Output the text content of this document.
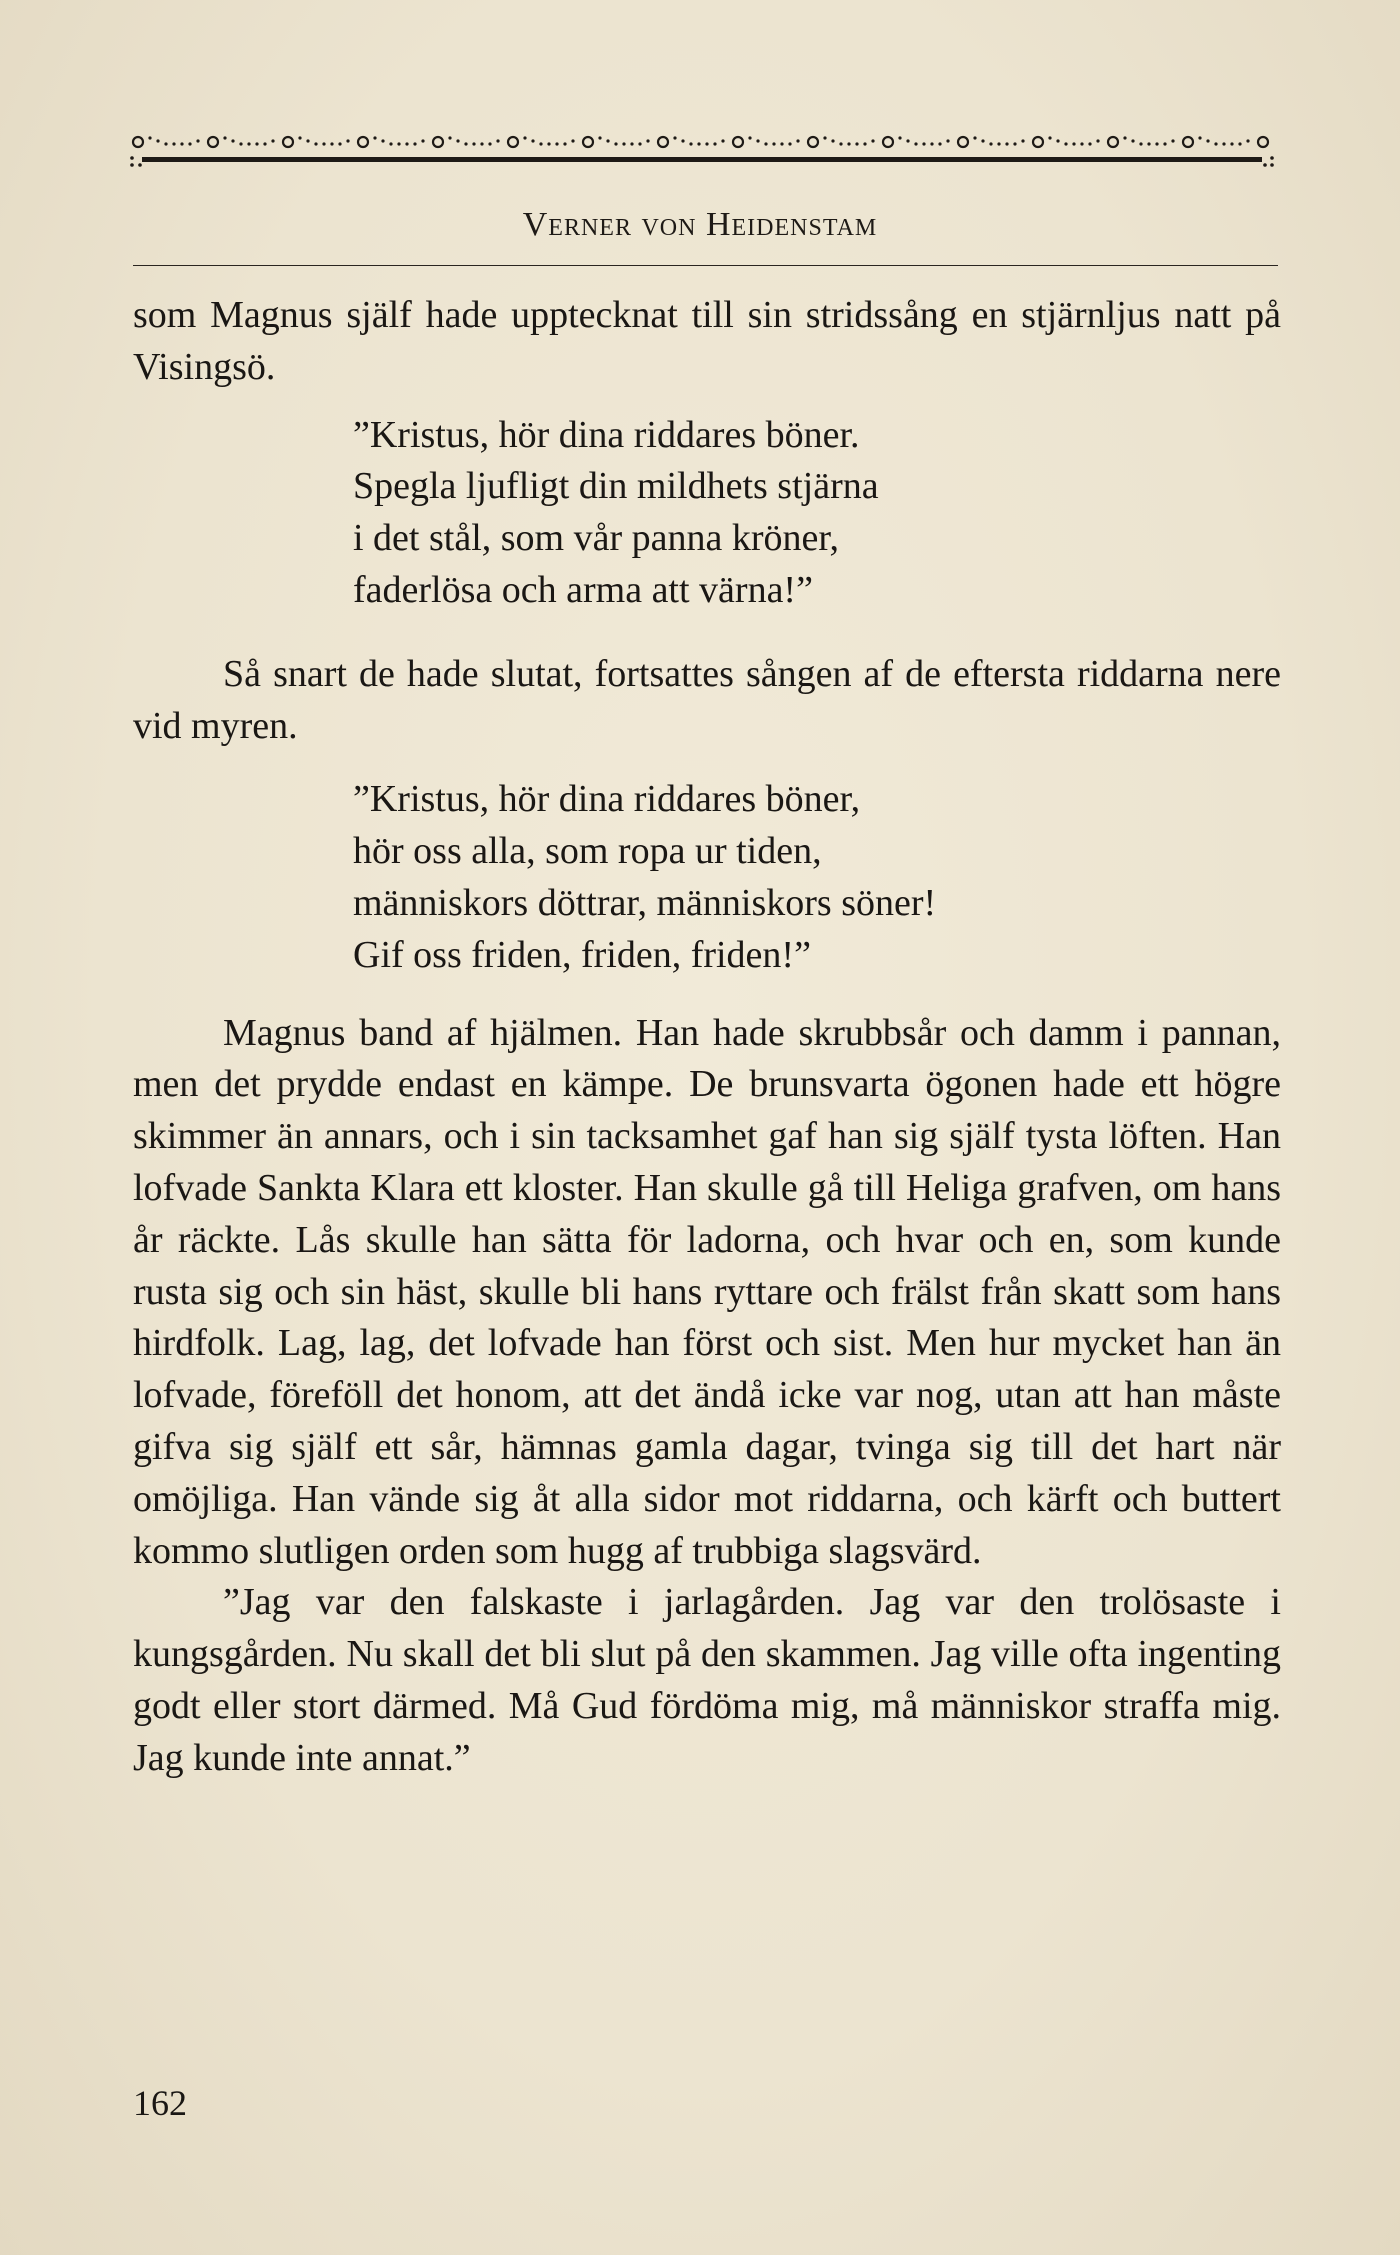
Verner von Heidenstam

som Magnus själf hade upptecknat till sin stridssång en stjärnljus natt på Visingsö.

”Kristus, hör dina riddares böner.
Spegla ljufligt din mildhets stjärna
i det stål, som vår panna kröner,
faderlösa och arma att värna!”

Så snart de hade slutat, fortsattes sången af de eftersta riddarna nere vid myren.

”Kristus, hör dina riddares böner,
hör oss alla, som ropa ur tiden,
människors döttrar, människors söner!
Gif oss friden, friden, friden!”

Magnus band af hjälmen. Han hade skrubbsår och damm i pannan, men det prydde endast en kämpe. De brunsvarta ögonen hade ett högre skimmer än annars, och i sin tacksamhet gaf han sig själf tysta löften. Han lofvade Sankta Klara ett kloster. Han skulle gå till Heliga grafven, om hans år räckte. Lås skulle han sätta för ladorna, och hvar och en, som kunde rusta sig och sin häst, skulle bli hans ryttare och frälst från skatt som hans hirdfolk. Lag, lag, det lofvade han först och sist. Men hur mycket han än lofvade, föreföll det honom, att det ändå icke var nog, utan att han måste gifva sig själf ett sår, hämnas gamla dagar, tvinga sig till det hart när omöjliga. Han vände sig åt alla sidor mot riddarna, och kärft och buttert kommo slutligen orden som hugg af trubbiga slagsvärd.

”Jag var den falskaste i jarlagården. Jag var den trolösaste i kungsgården. Nu skall det bli slut på den skammen. Jag ville ofta ingenting godt eller stort därmed. Må Gud fördöma mig, må människor straffa mig. Jag kunde inte annat.”

162
